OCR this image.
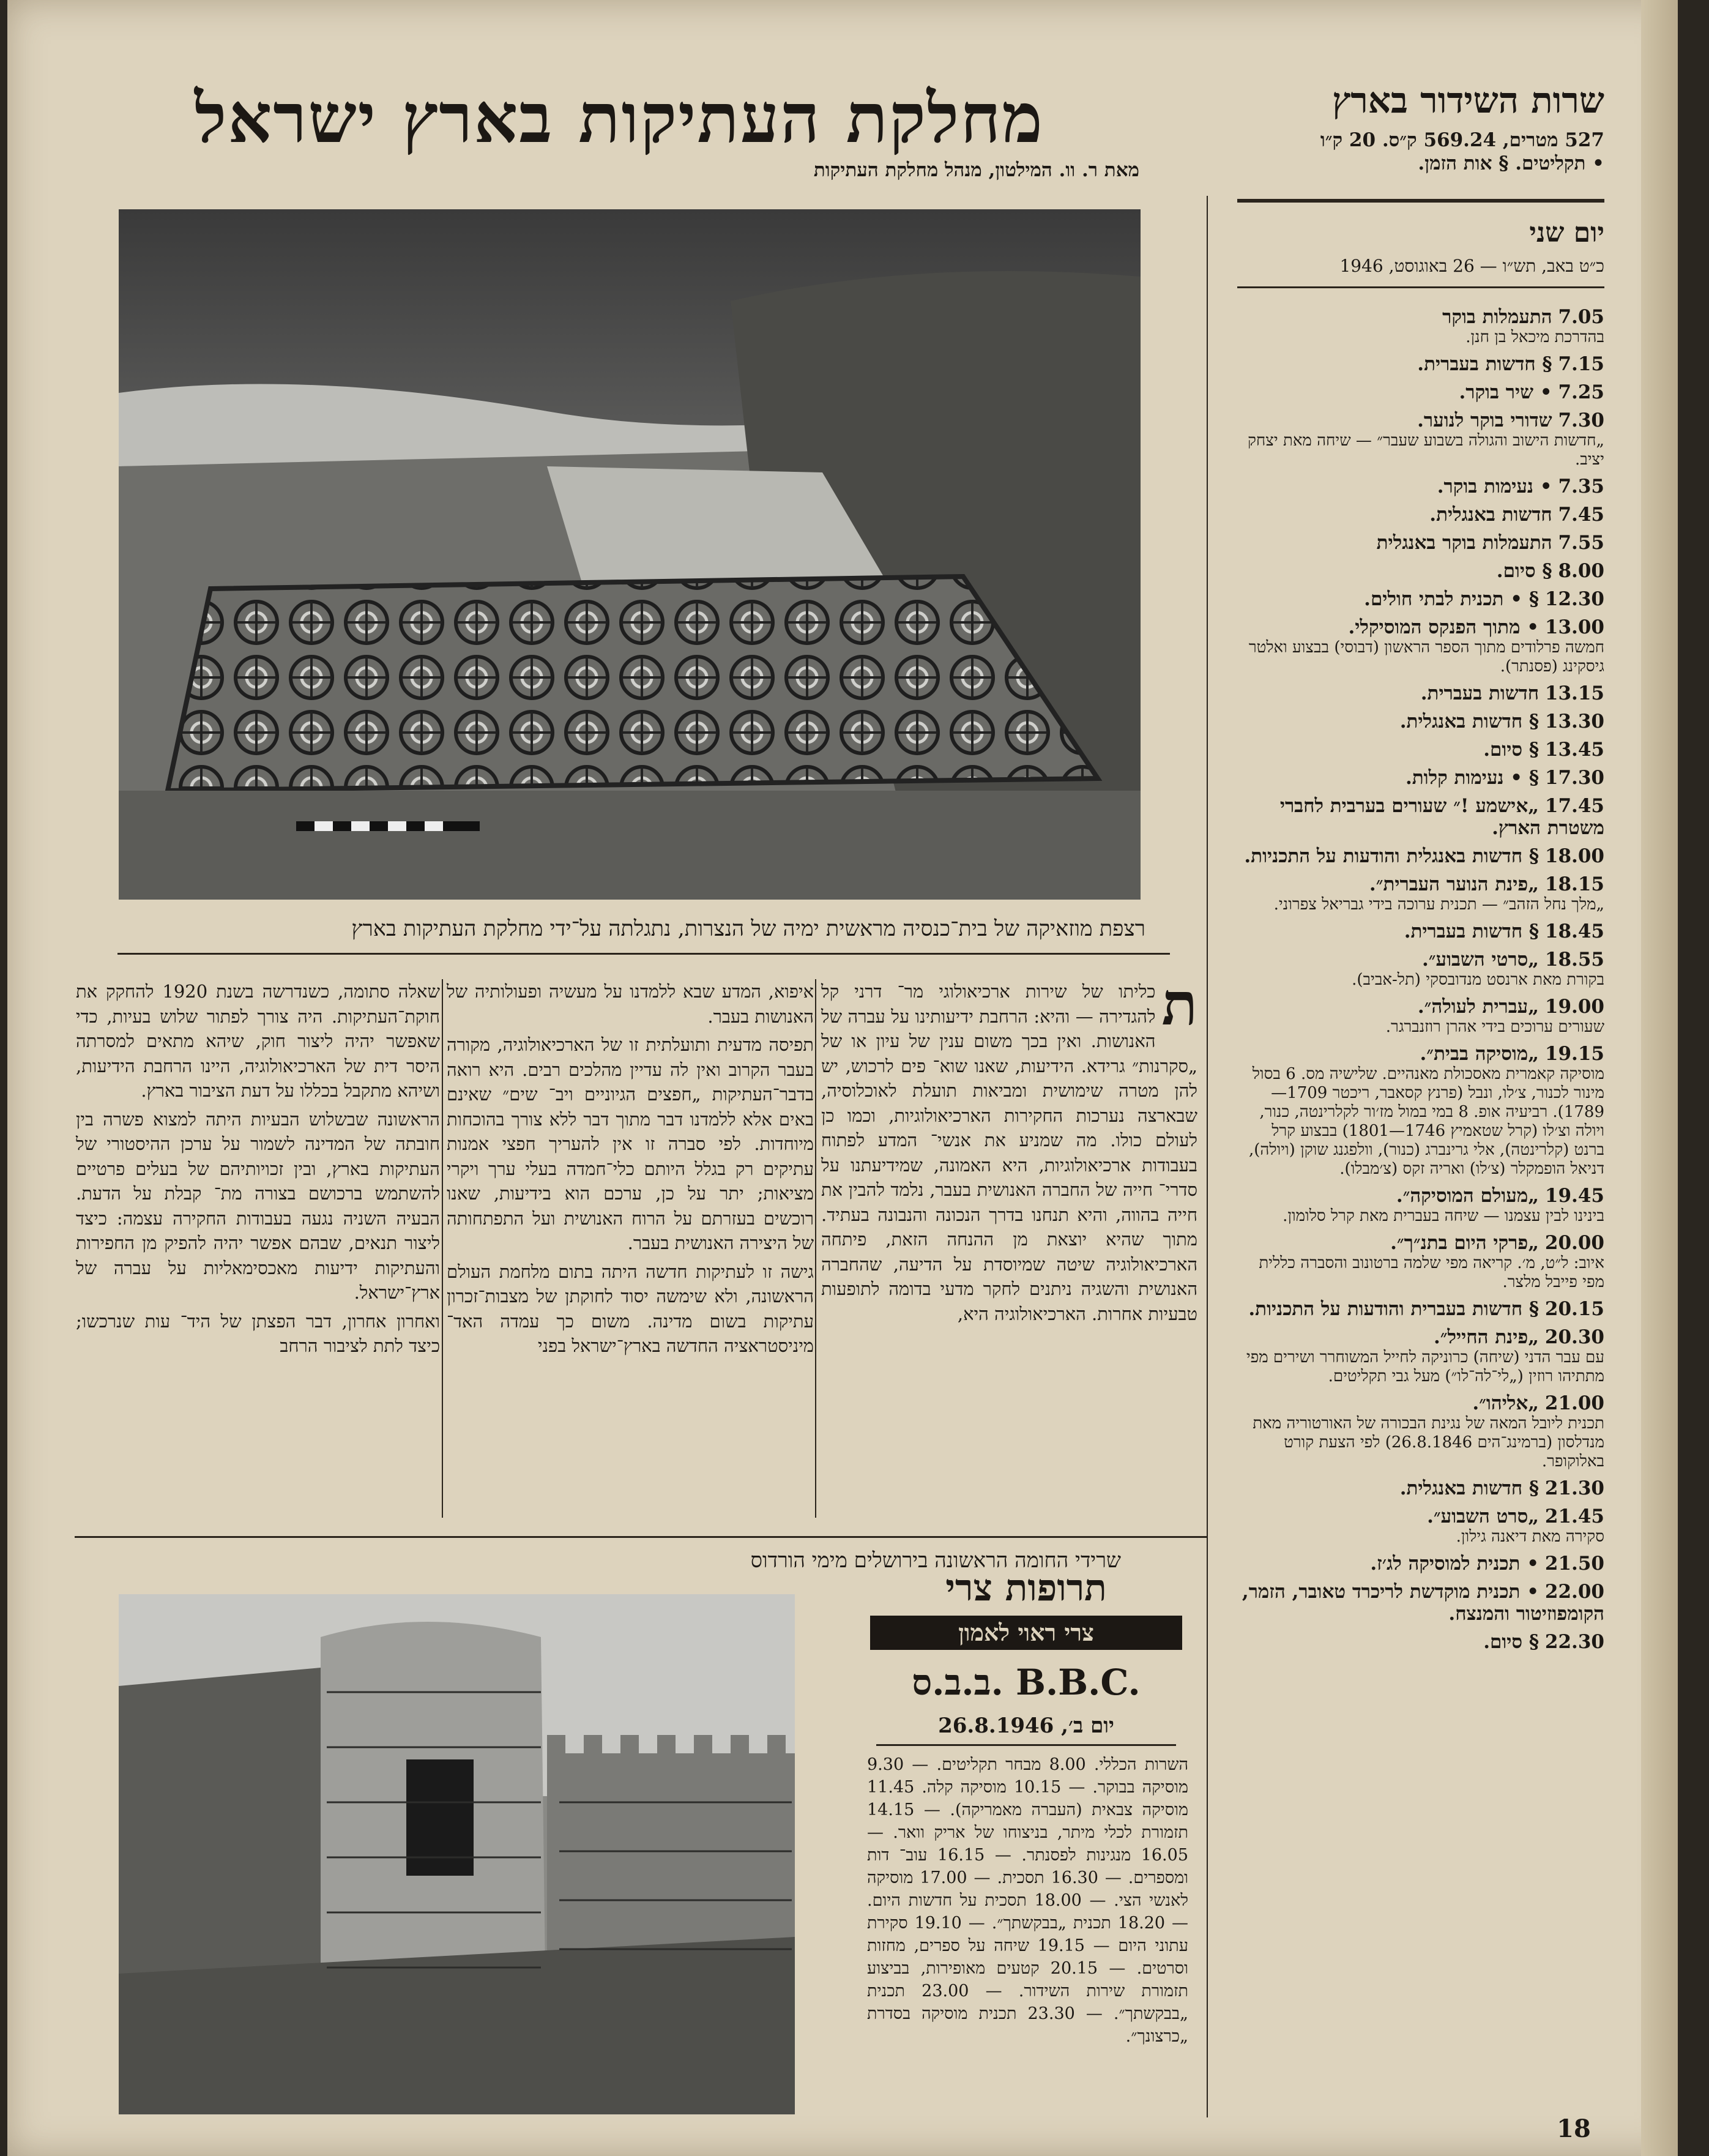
שרות השידור בארץ
527 מטרים, 569.24 ק״ס. 20 ק״ו
• תקליטים. § אות הזמן.
יום שני
כ״ט באב, תש״ו — 26 באוגוסט, 1946
7.05 התעמלות בוקר
בהדרכת מיכאל בן חנן.
7.15 § חדשות בעברית.
7.25 • שיר בוקר.
7.30 שדורי בוקר לנוער.
„חדשות הישוב והגולה בשבוע שעבר״ — שיחה מאת יצחק יציב.
7.35 • נעימות בוקר.
7.45 חדשות באנגלית.
7.55 התעמלות בוקר באנגלית
8.00 § סיום.
12.30 § • תכנית לבתי חולים.
13.00 • מתוך הפנקס המוסיקלי.
חמשה פרלודים מתוך הספר הראשון (דבוסי) בבצוע ואלטר גיסקינג (פסנתר).
13.15 חדשות בעברית.
13.30 § חדשות באנגלית.
13.45 § סיום.
17.30 § • נעימות קלות.
17.45 „אישמע !״ שעורים בערבית לחברי משטרת הארץ.
18.00 § חדשות באנגלית והודעות על התכניות.
18.15 „פינת הנוער העברית״.
„מלך נחל הזהב״ — תכנית ערוכה בידי גבריאל צפרוני.
18.45 § חדשות בעברית.
18.55 „סרטי השבוע״.
בקורת מאת ארנסט מנדובסקי (תל-אביב).
19.00 „עברית לעולה״.
שעורים ערוכים בידי אהרן רוזנברגר.
19.15 „מוסיקה בבית״.
מוסיקה קאמרית מאסכולת מאנהיים. שלישיה מס. 6 בסול מינור לכנור, צ׳לו, ונבל (פרנץ קסאבר, ריכטר 1709—1789). רביעיה אופ. 8 במי במול מז׳ור לקלרינטה, כנור, ויולה וצ׳לו (קרל שטאמיץ 1746—1801) בבצוע קרל ברנט (קלרינטה), אלי גרינברג (כנור), וולפגנג שוקן (ויולה), דניאל הופמקלר (צ׳לו) ואריה זקס (צ׳מבלו).
19.45 „מעולם המוסיקה״.
בינינו לבין עצמנו — שיחה בעברית מאת קרל סלומון.
20.00 „פרקי היום בתנ״ך״.
איוב: ל״ט, מ׳. קריאה מפי שלמה ברטונוב והסברה כללית מפי פייבל מלצר.
20.15 § חדשות בעברית והודעות על התכניות.
20.30 „פינת החייל״.
עם עבר הדני (שיחה) כרוניקה לחייל המשוחרר ושירים מפי מתתיהו רוזין („לי־לה־לו״) מעל גבי תקליטים.
21.00 „אליהו״.
תכנית ליובל המאה של נגינת הבכורה של האורטוריה מאת מנדלסון (ברמינג־הים 26.8.1846) לפי הצעת קורט באלוקופר.
21.30 § חדשות באנגלית.
21.45 „סרט השבוע״.
סקירה מאת דיאנה גילון.
21.50 • תכנית למוסיקה לג׳ז.
22.00 • תכנית מוקדשת לריכרד טאובר, הזמר, הקומפוזיטור והמנצח.
22.30 § סיום.
מחלקת העתיקות בארץ ישראל
מאת ר. וו. המילטון, מנהל מחלקת העתיקות
רצפת מוזאיקה של בית־כנסיה מראשית ימיה של הנצרות, נתגלתה על־ידי מחלקת העתיקות בארץ
ת

כליתו של שירות ארכיאולוגי מר־ דרני קל להגדירה — והיא: הרחבת ידיעותינו על עברה של האנושות. ואין בכך משום ענין של עיון או של „סקרנות״ גרידא. הידיעות, שאנו שוא־ פים לרכוש, יש להן מטרה שימושית ומביאות תועלת לאוכלוסיה, שבארצה נערכות החקירות הארכיאולוגיות, וכמו כן לעולם כולו. מה שמניע את אנשי־ המדע לפתוח בעבודות ארכיאולוגיות, היא האמונה, שמידיעתנו על סדרי־ חייה של החברה האנושית בעבר, נלמד להבין את חייה בהווה, והיא תנחנו בדרך הנכונה והנבונה בעתיד. מתוך שהיא יוצאת מן ההנחה הזאת, פיתחה הארכיאולוגיה שיטה שמיוסדת על הדיעה, שהחברה האנושית והשגיה ניתנים לחקר מדעי בדומה לתופעות טבעיות אחרות. הארכיאולוגיה היא,

איפוא, המדע שבא ללמדנו על מעשיה ופעולותיה של האנושות בעבר.

תפיסה מדעית ותועלתית זו של הארכיאולוגיה, מקורה בעבר הקרוב ואין לה עדיין מהלכים רבים. היא רואה בדבר־העתיקות „חפצים הגיוניים ויב־ שים״ שאינם באים אלא ללמדנו דבר מתוך דבר ללא צורך בהוכחות מיוחדות. לפי סברה זו אין להעריך חפצי אמנות עתיקים רק בגלל היותם כלי־חמדה בעלי ערך ויקרי מציאות; יתר על כן, ערכם הוא בידיעות, שאנו רוכשים בעזרתם על הרוח האנושית ועל התפתחותה של היצירה האנושית בעבר.

גישה זו לעתיקות חדשה היתה בתום מלחמת העולם הראשונה, ולא שימשה יסוד לחוקתן של מצבות־זכרון עתיקות בשום מדינה. משום כך עמדה האד־ מיניסטראציה החדשה בארץ־ישראל בפני

שאלה סתומה, כשנדרשה בשנת 1920 להחקק את חוקת־העתיקות. היה צורך לפתור שלוש בעיות, כדי שאפשר יהיה ליצור חוק, שיהא מתאים למסרתה היסר דית של הארכיאולוגיה, היינו הרחבת הידיעות, ושיהא מתקבל בכללו על דעת הציבור בארץ.

הראשונה שבשלוש הבעיות היתה למצוא פשרה בין חובתה של המדינה לשמור על ערכן ההיסטורי של העתיקות בארץ, ובין זכויותיהם של בעלים פרטיים להשתמש ברכושם בצורה מת־ קבלת על הדעת. הבעיה השניה נגעה בעבודות החקירה עצמה: כיצד ליצור תנאים, שבהם אפשר יהיה להפיק מן החפירות והעתיקות ידיעות מאכסימאליות על עברה של ארץ־ישראל.

ואחרון אחרון, דבר הפצתן של היד־ עות שנרכשו; כיצד לתת לציבור הרחב

שרידי החומה הראשונה בירושלים מימי הורדוס
תרופות צרי
צרי ראוי לאמון
ב.ב.ס. B.B.C.
יום ב׳, 26.8.1946
השרות הכללי. 8.00 מבחר תקליטים. — 9.30 מוסיקה בבוקר. — 10.15 מוסיקה קלה. 11.45 מוסיקה צבאית (העברה מאמריקה). — 14.15 תזמורת לכלי מיתר, בניצוחו של אריק וואר. — 16.05 מנגינות לפסנתר. — 16.15 עוב־ דות ומספרים. — 16.30 תסכית. — 17.00 מוסיקה לאנשי הצי. — 18.00 תסכית על חדשות היום. — 18.20 תכנית „בבקשתך״. — 19.10 סקירת עתוני היום — 19.15 שיחה על ספרים, מחזות וסרטים. — 20.15 קטעים מאופירות, בביצוע תזמורת שירות השידור. — 23.00 תכנית „בבקשתך״. — 23.30 תכנית מוסיקה בסדרת „כרצונך״.
18
